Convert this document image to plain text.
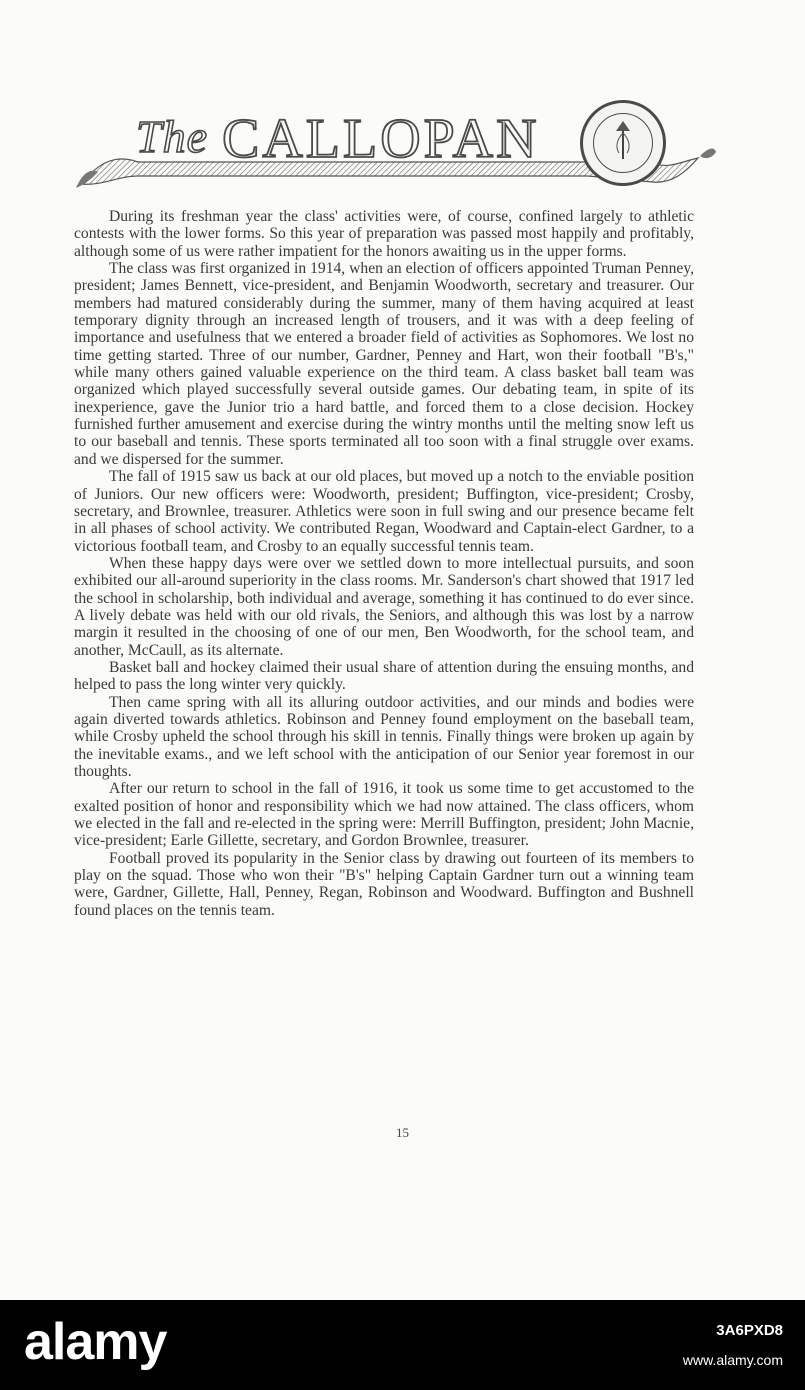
The CALLOPAN

During its freshman year the class' activities were, of course, confined largely to athletic contests with the lower forms. So this year of preparation was passed most happily and profitably, although some of us were rather impatient for the honors awaiting us in the upper forms.

The class was first organized in 1914, when an election of officers appointed Truman Penney, president; James Bennett, vice-president, and Benjamin Woodworth, secretary and treasurer. Our members had matured considerably during the summer, many of them having acquired at least temporary dignity through an increased length of trousers, and it was with a deep feeling of importance and usefulness that we entered a broader field of activities as Sophomores. We lost no time getting started. Three of our number, Gardner, Penney and Hart, won their football "B's," while many others gained valuable experience on the third team. A class basket ball team was organized which played successfully several outside games. Our debating team, in spite of its inexperience, gave the Junior trio a hard battle, and forced them to a close decision. Hockey furnished further amusement and exercise during the wintry months until the melting snow left us to our baseball and tennis. These sports terminated all too soon with a final struggle over exams. and we dispersed for the summer.

The fall of 1915 saw us back at our old places, but moved up a notch to the enviable position of Juniors. Our new officers were: Woodworth, president; Buffington, vice-president; Crosby, secretary, and Brownlee, treasurer. Athletics were soon in full swing and our presence became felt in all phases of school activity. We contributed Regan, Woodward and Captain-elect Gardner, to a victorious football team, and Crosby to an equally successful tennis team.

When these happy days were over we settled down to more intellectual pursuits, and soon exhibited our all-around superiority in the class rooms. Mr. Sanderson's chart showed that 1917 led the school in scholarship, both individual and average, something it has continued to do ever since. A lively debate was held with our old rivals, the Seniors, and although this was lost by a narrow margin it resulted in the choosing of one of our men, Ben Woodworth, for the school team, and another, McCaull, as its alternate.

Basket ball and hockey claimed their usual share of attention during the ensuing months, and helped to pass the long winter very quickly.

Then came spring with all its alluring outdoor activities, and our minds and bodies were again diverted towards athletics. Robinson and Penney found employment on the baseball team, while Crosby upheld the school through his skill in tennis. Finally things were broken up again by the inevitable exams., and we left school with the anticipation of our Senior year foremost in our thoughts.

After our return to school in the fall of 1916, it took us some time to get accustomed to the exalted position of honor and responsibility which we had now attained. The class officers, whom we elected in the fall and re-elected in the spring were: Merrill Buffington, president; John Macnie, vice-president; Earle Gillette, secretary, and Gordon Brownlee, treasurer.

Football proved its popularity in the Senior class by drawing out fourteen of its members to play on the squad. Those who won their "B's" helping Captain Gardner turn out a winning team were, Gardner, Gillette, Hall, Penney, Regan, Robinson and Woodward. Buffington and Bushnell found places on the tennis team.

15
alamy	3A6PXD8
www.alamy.com
